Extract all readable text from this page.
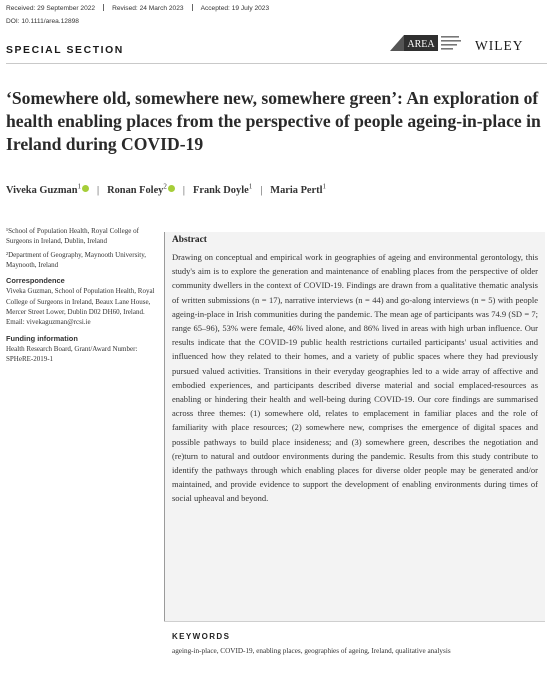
Received: 29 September 2022	Revised: 24 March 2023	Accepted: 19 July 2023
DOI: 10.1111/area.12898
SPECIAL SECTION
AREA	WILEY
‘Somewhere old, somewhere new, somewhere green’: An exploration of health enabling places from the perspective of people ageing-in-place in Ireland during COVID-19
Viveka Guzman$^1$ | Ronan Foley$^2$ | Frank Doyle$^1$ | Maria Pertl$^1$

¹School of Population Health, Royal College of Surgeons in Ireland, Dublin, Ireland

²Department of Geography, Maynooth University, Maynooth, Ireland

Correspondence

Viveka Guzman, School of Population Health, Royal College of Surgeons in Ireland, Beaux Lane House, Mercer Street Lower, Dublin D02 DH60, Ireland.

Email: vivekaguzman@rcsi.ie

Funding information

Health Research Board, Grant/Award Number: SPHeRE-2019-1

Abstract

Drawing on conceptual and empirical work in geographies of ageing and environmental gerontology, this study's aim is to explore the generation and maintenance of enabling places from the perspective of older community dwellers in the context of COVID-19. Findings are drawn from a qualitative thematic analysis of written submissions (n = 17), narrative interviews (n = 44) and go-along interviews (n = 5) with people ageing-in-place in Irish communities during the pandemic. The mean age of participants was 74.9 (SD = 7; range 65–96), 53% were female, 46% lived alone, and 86% lived in areas with high urban influence. Our results indicate that the COVID-19 public health restrictions curtailed participants' usual activities and influenced how they related to their homes, and a variety of public spaces where they had previously pursued valued activities. Transitions in their everyday geographies led to a wide array of affective and embodied experiences, and participants described diverse material and social emplaced-resources as enabling or hindering their health and well-being during COVID-19. Our core findings are summarised across three themes: (1) somewhere old, relates to emplacement in familiar places and the role of familiarity with place resources; (2) somewhere new, comprises the emergence of digital spaces and possible pathways to build place insideness; and (3) somewhere green, describes the negotiation and (re)turn to natural and outdoor environments during the pandemic. Results from this study contribute to identify the pathways through which enabling places for diverse older people may be generated and/or maintained, and provide evidence to support the development of enabling environments during times of social upheaval and beyond.

KEYWORDS
ageing-in-place, COVID-19, enabling places, geographies of ageing, Ireland, qualitative analysis
